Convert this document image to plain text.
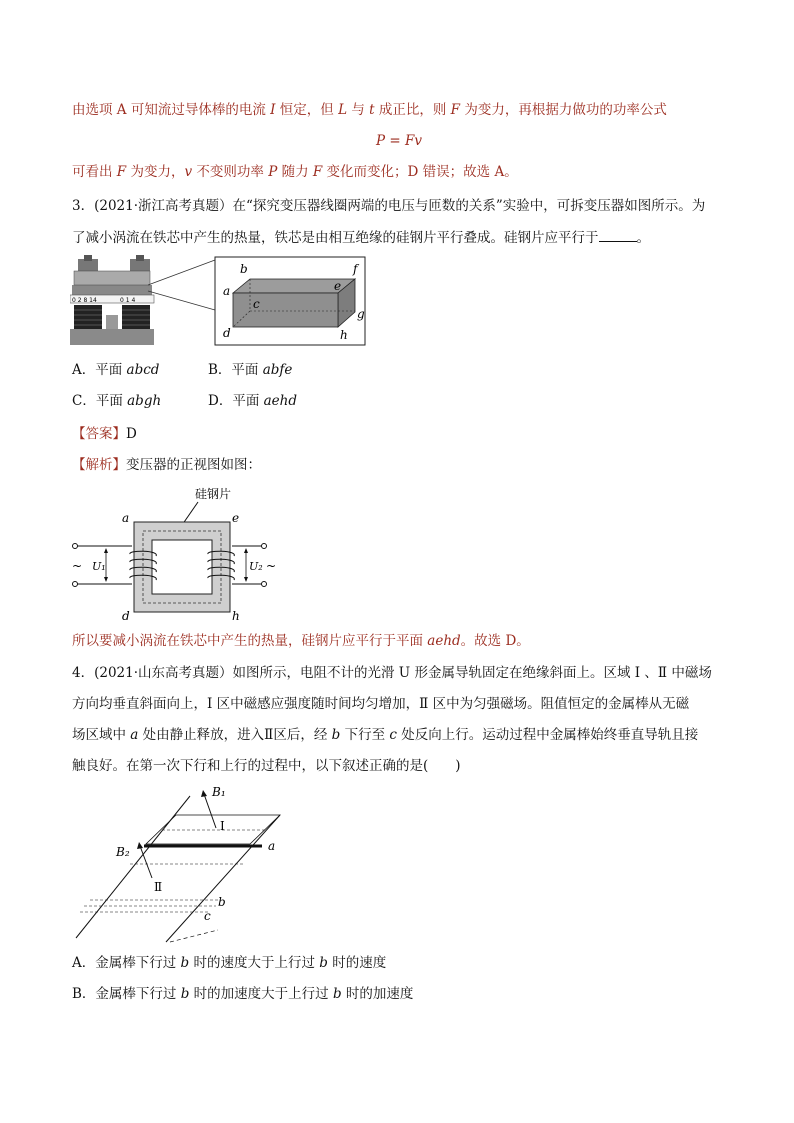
由选项 A 可知流过导体棒的电流 I 恒定，但 L 与 t 成正比，则 F 为变力，再根据力做功的功率公式
P = Fv
可看出 F 为变力，v 不变则功率 P 随力 F 变化而变化；D 错误；故选 A。
3．(2021·浙江高考真题）在“探究变压器线圈两端的电压与匝数的关系”实验中，可拆变压器如图所示。为
了减小涡流在铁芯中产生的热量，铁芯是由相互绝缘的硅钢片平行叠成。硅钢片应平行于	。
0 2 8 14	0 1 4
b
a
c
d
f
e
g
h
A．平面 abcd	B．平面 abfe
C．平面 abgh	D．平面 aehd
【答案】D
【解析】变压器的正视图如图：
硅钢片
a	e
d	h
U₁	U₂
~	~
所以要减小涡流在铁芯中产生的热量，硅钢片应平行于平面 aehd。故选 D。
4．(2021·山东高考真题）如图所示，电阻不计的光滑 U 形金属导轨固定在绝缘斜面上。区域 Ⅰ 、Ⅱ 中磁场
方向均垂直斜面向上，Ⅰ 区中磁感应强度随时间均匀增加，Ⅱ 区中为匀强磁场。阻值恒定的金属棒从无磁
场区域中 a 处由静止释放，进入Ⅱ区后，经 b 下行至 c 处反向上行。运动过程中金属棒始终垂直导轨且接
触良好。在第一次下行和上行的过程中，以下叙述正确的是(　　)
a
b
c
B₁
Ⅰ
B₂
Ⅱ
A．金属棒下行过 b 时的速度大于上行过 b 时的速度
B．金属棒下行过 b 时的加速度大于上行过 b 时的加速度
